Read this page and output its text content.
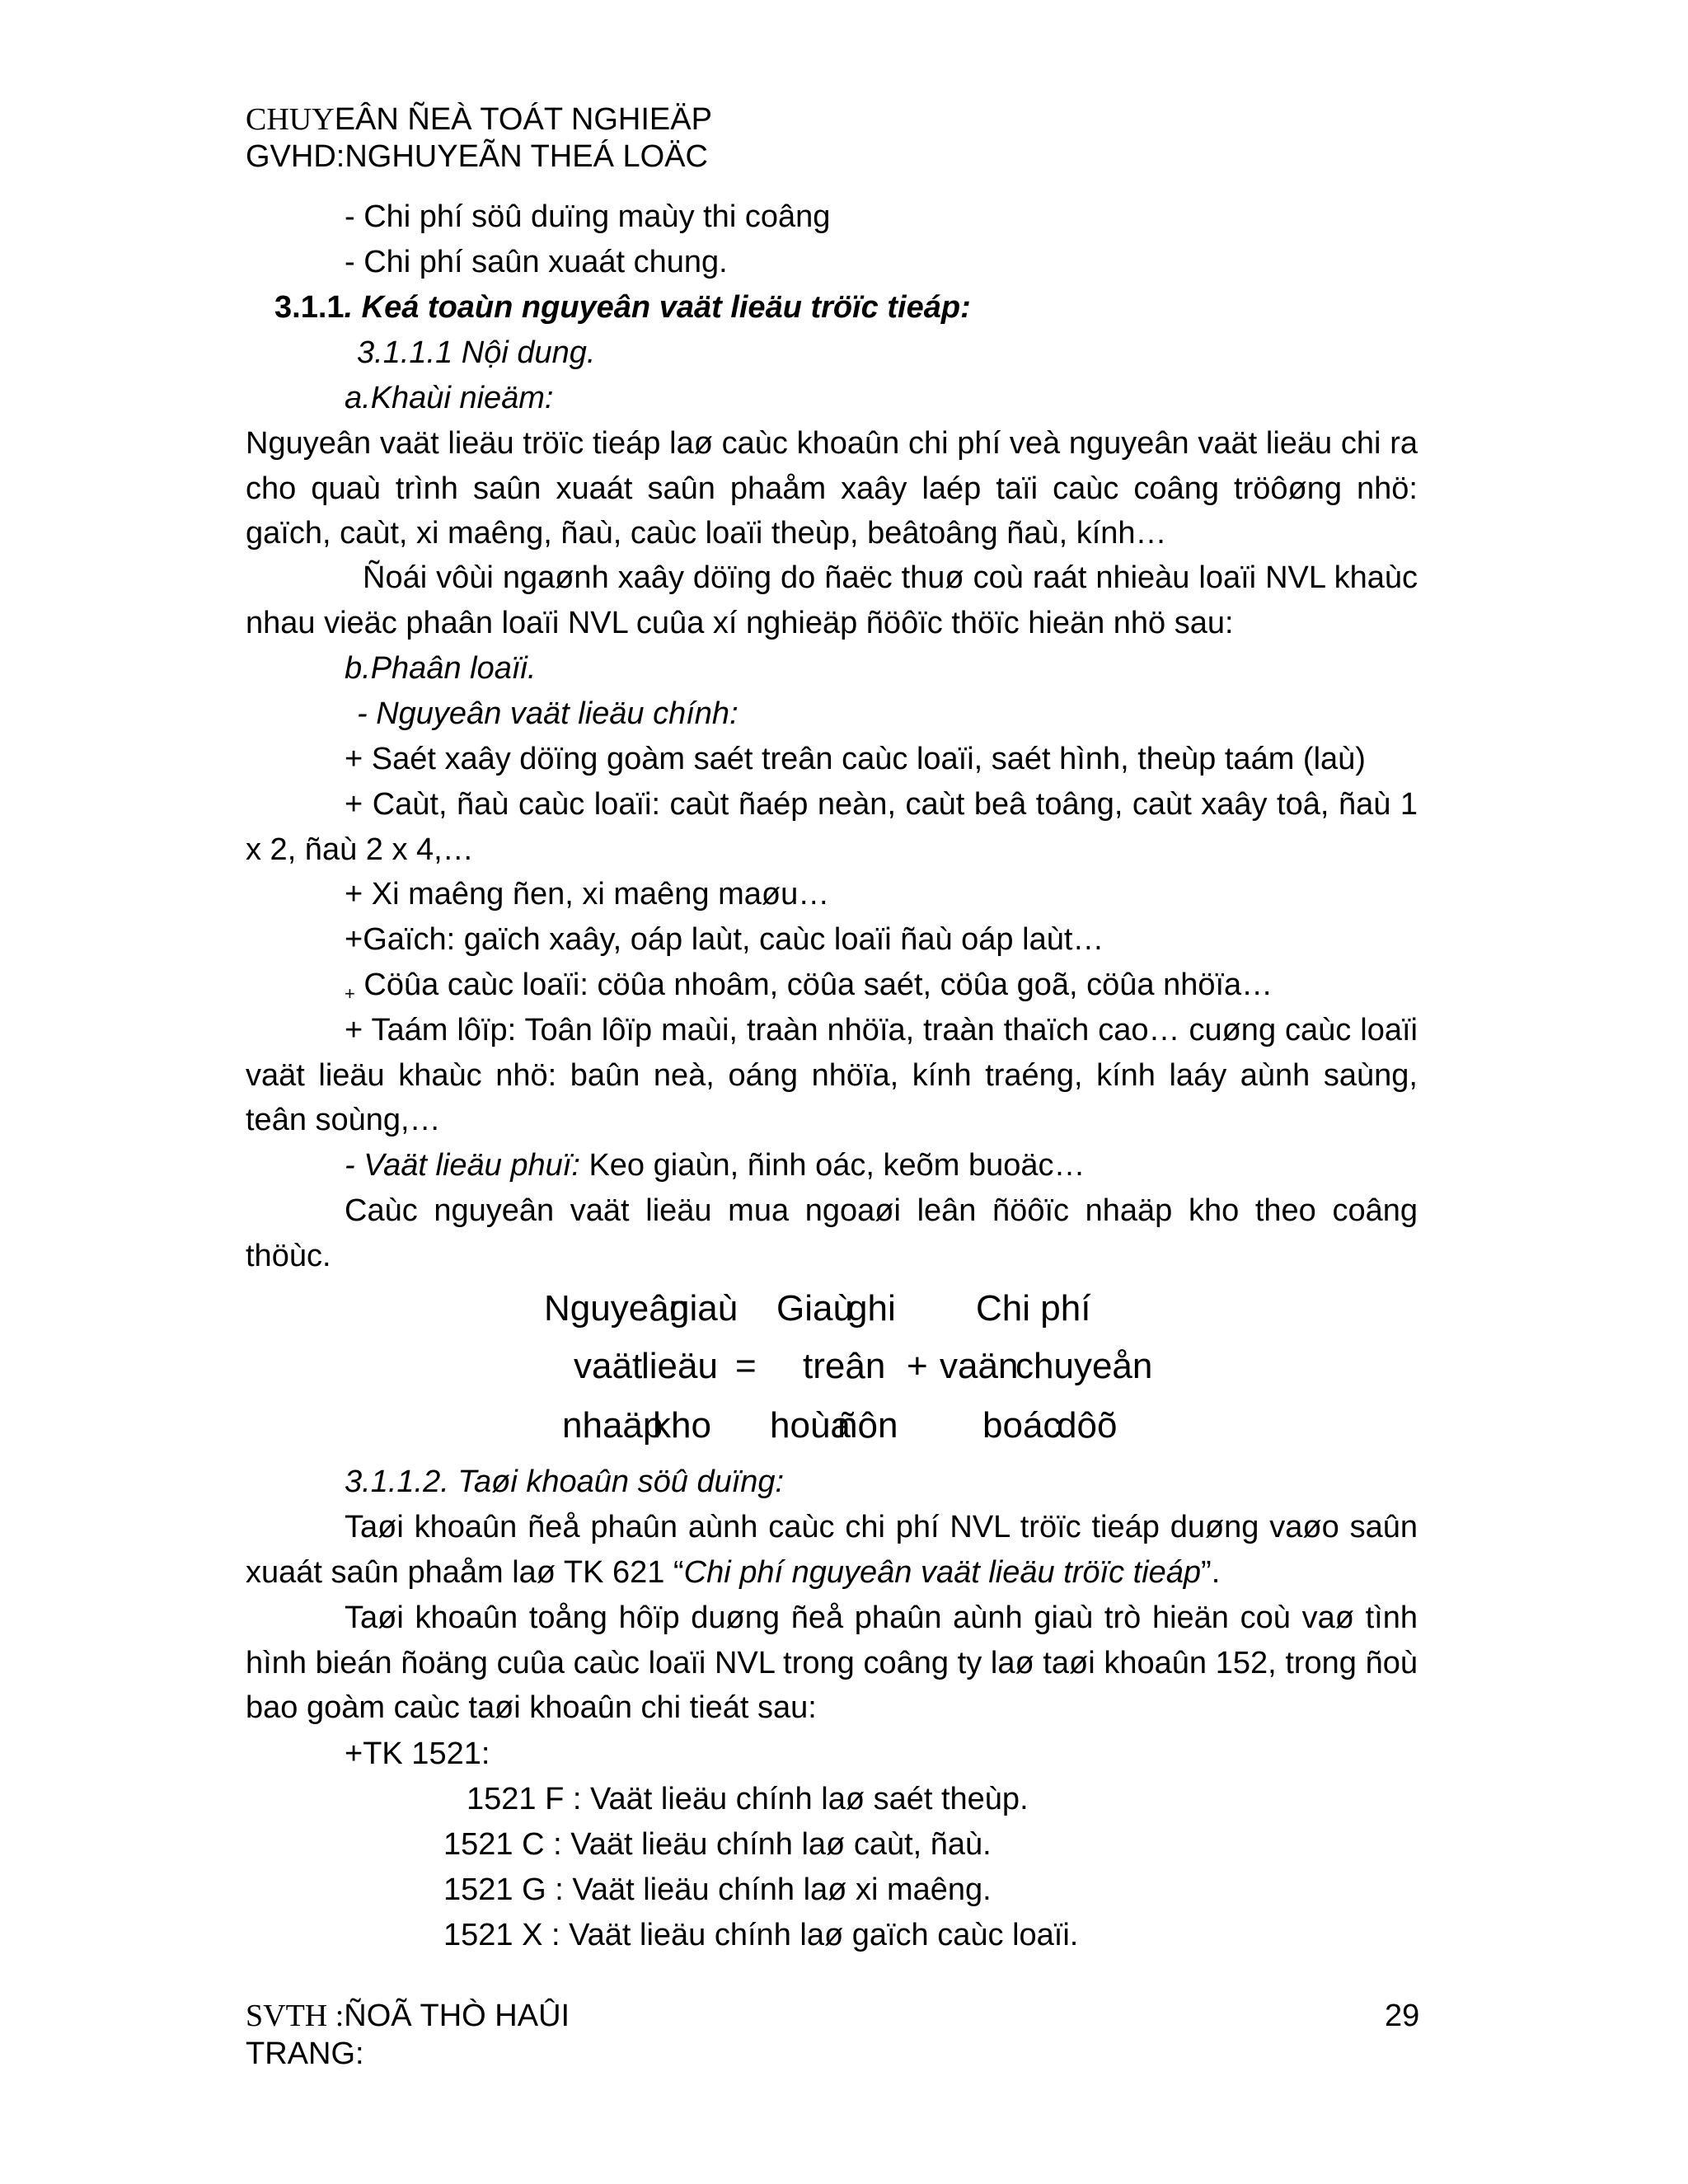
CHUYEÂN ÑEÀ TOÁT NGHIEÄP
GVHD:NGHUYEÃN THEÁ LOÄC
- Chi phí söû duïng maùy thi coâng
- Chi phí saûn xuaát chung.
3.1.1. Keá toaùn nguyeân vaät lieäu tröïc tieáp:
3.1.1.1 Nội dung.
a.Khaùi nieäm:
Nguyeân vaät lieäu tröïc tieáp laø caùc khoaûn chi phí veà nguyeân vaät lieäu chi ra cho quaù trình saûn xuaát saûn phaåm xaây laép taïi caùc coâng tröôøng nhö: gaïch, caùt, xi maêng, ñaù, caùc loaïi theùp, beâtoâng ñaù, kính…
Ñoái vôùi ngaønh xaây döïng do ñaëc thuø coù raát nhieàu loaïi NVL khaùc nhau vieäc phaân loaïi NVL cuûa xí nghieäp ñöôïc thöïc hieän nhö sau:
b.Phaân loaïi.
- Nguyeân vaät lieäu chính:
+ Saét xaây döïng goàm saét treân caùc loaïi, saét hình, theùp taám (laù)
+ Caùt, ñaù caùc loaïi: caùt ñaép neàn, caùt beâ toâng, caùt xaây toâ, ñaù 1 x 2, ñaù 2 x 4,…
+ Xi maêng ñen, xi maêng maøu…
+Gaïch: gaïch xaây, oáp laùt, caùc loaïi ñaù oáp laùt…
+ Cöûa caùc loaïi: cöûa nhoâm, cöûa saét, cöûa goã, cöûa nhöïa…
+ Taám lôïp: Toân lôïp maùi, traàn nhöïa, traàn thaïch cao… cuøng caùc loaïi vaät lieäu khaùc nhö: baûn neà, oáng nhöïa, kính traéng, kính laáy aùnh saùng, teân soùng,…
- Vaät lieäu phuï: Keo giaùn, ñinh oác, keõm buoäc…
Caùc nguyeân vaät lieäu mua ngoaøi leân ñöôïc nhaäp kho theo coâng thöùc.
Nguyeân
giaù Giaù
ghi Chi phí
vaät
lieäu = treân + vaän
chuyeån
nhaäp
kho hoùa
ñôn boác
dôõ
3.1.1.2. Taøi khoaûn söû duïng:
Taøi khoaûn ñeå phaûn aùnh caùc chi phí NVL tröïc tieáp duøng vaøo saûn xuaát saûn phaåm laø TK 621 “Chi phí nguyeân vaät lieäu tröïc tieáp”.
Taøi khoaûn toång hôïp duøng ñeå phaûn aùnh giaù trò hieän coù vaø tình hình bieán ñoäng cuûa caùc loaïi NVL trong coâng ty laø taøi khoaûn 152, trong ñoù bao goàm caùc taøi khoaûn chi tieát sau:
+TK 1521:
1521 F : Vaät lieäu chính laø saét theùp.
1521 C : Vaät lieäu chính laø caùt, ñaù.
1521 G : Vaät lieäu chính laø xi maêng.
1521 X : Vaät lieäu chính laø gaïch caùc loaïi.
SVTH :ÑOÃ THÒ HAÛI
TRANG:
29
